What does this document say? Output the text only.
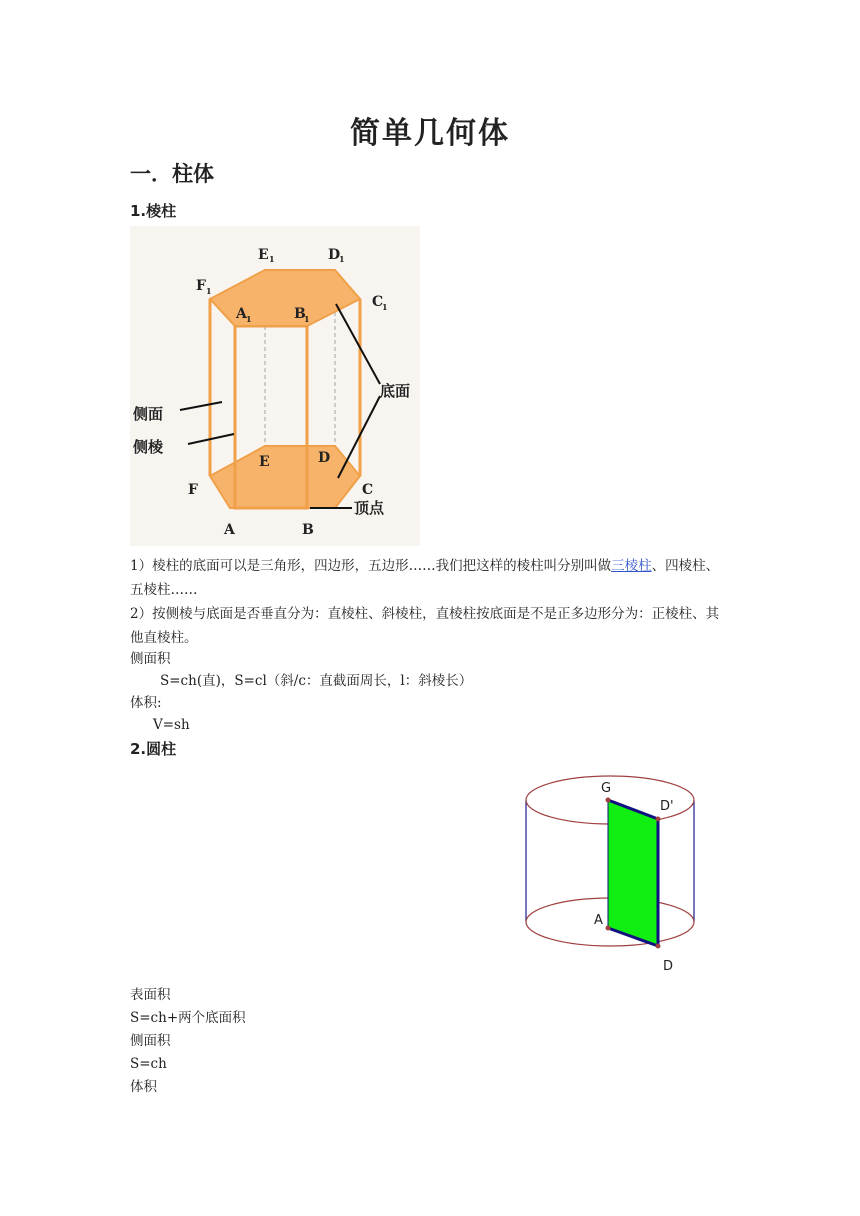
简单几何体
一．柱体
1.棱柱
E 1	D
1
F 1
C
1
A 1	B
1
E	D
F	C
A	B
侧面
侧棱
底面
顶点
1）棱柱的底面可以是三角形，四边形，五边形……我们把这样的棱柱叫分别叫做三棱柱、四棱柱、五棱柱……
2）按侧棱与底面是否垂直分为：直棱柱、斜棱柱，直棱柱按底面是不是正多边形分为：正棱柱、其他直棱柱。
侧面积
S=ch(直)，S=cl（斜/c：直截面周长，l：斜棱长）
体积:
V=sh
2.圆柱
G
D'
A
D
表面积
S=ch+两个底面积
侧面积
S=ch
体积
